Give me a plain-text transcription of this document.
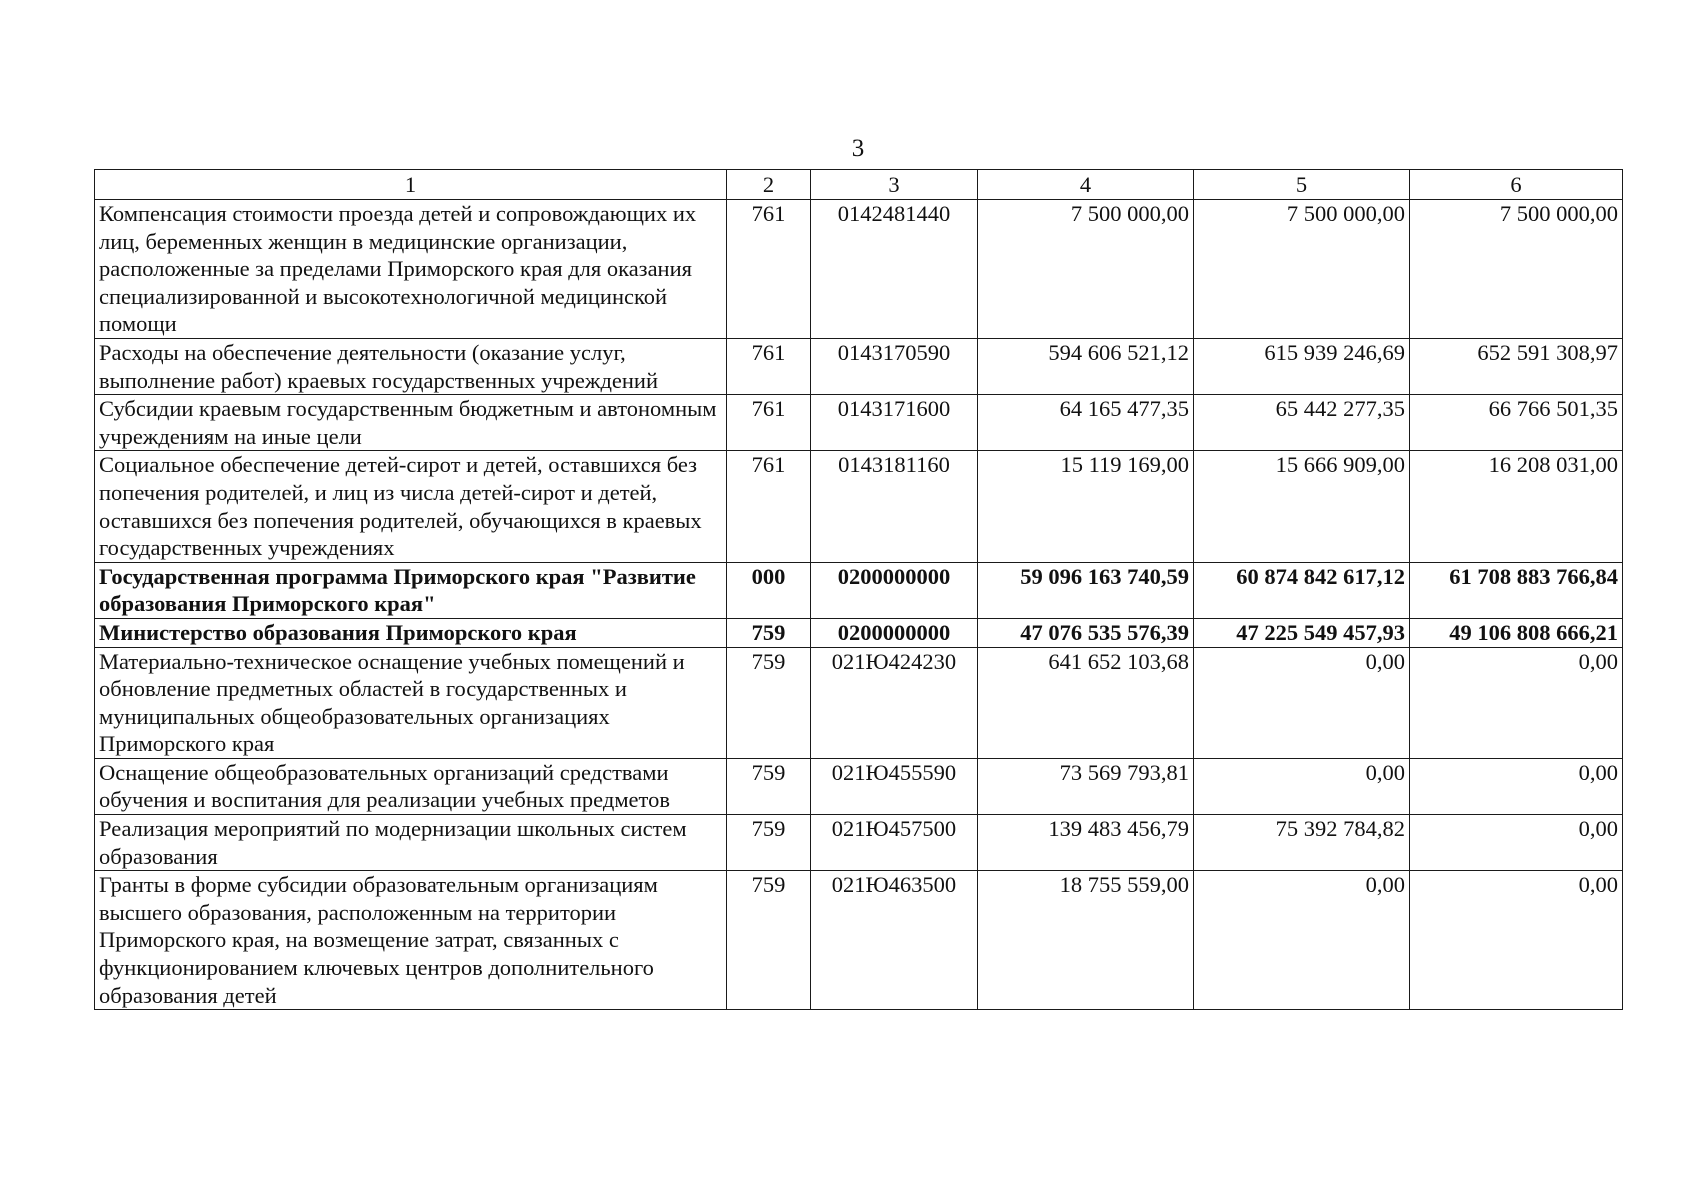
3
1	2	3	4	5	6
Компенсация стоимости проезда детей и сопровождающих их лиц, беременных женщин в медицинские организации, расположенные за пределами Приморского края для оказания специализированной и высокотехнологичной медицинской помощи	761	0142481440	7 500 000,00	7 500 000,00	7 500 000,00
Расходы на обеспечение деятельности (оказание услуг, выполнение работ) краевых государственных учреждений	761	0143170590	594 606 521,12	615 939 246,69	652 591 308,97
Субсидии краевым государственным бюджетным и автономным учреждениям на иные цели	761	0143171600	64 165 477,35	65 442 277,35	66 766 501,35
Социальное обеспечение детей-сирот и детей, оставшихся без попечения родителей, и лиц из числа детей-сирот и детей, оставшихся без попечения родителей, обучающихся в краевых государственных учреждениях	761	0143181160	15 119 169,00	15 666 909,00	16 208 031,00
Государственная программа Приморского края "Развитие образования Приморского края"	000	0200000000	59 096 163 740,59	60 874 842 617,12	61 708 883 766,84
Министерство образования Приморского края	759	0200000000	47 076 535 576,39	47 225 549 457,93	49 106 808 666,21
Материально-техническое оснащение учебных помещений и обновление предметных областей в государственных и муниципальных общеобразовательных организациях Приморского края	759	021Ю424230	641 652 103,68	0,00	0,00
Оснащение общеобразовательных организаций средствами обучения и воспитания для реализации учебных предметов	759	021Ю455590	73 569 793,81	0,00	0,00
Реализация мероприятий по модернизации школьных систем образования	759	021Ю457500	139 483 456,79	75 392 784,82	0,00
Гранты в форме субсидии образовательным организациям высшего образования, расположенным на территории Приморского края, на возмещение затрат, связанных с функционированием ключевых центров дополнительного образования детей	759	021Ю463500	18 755 559,00	0,00	0,00
